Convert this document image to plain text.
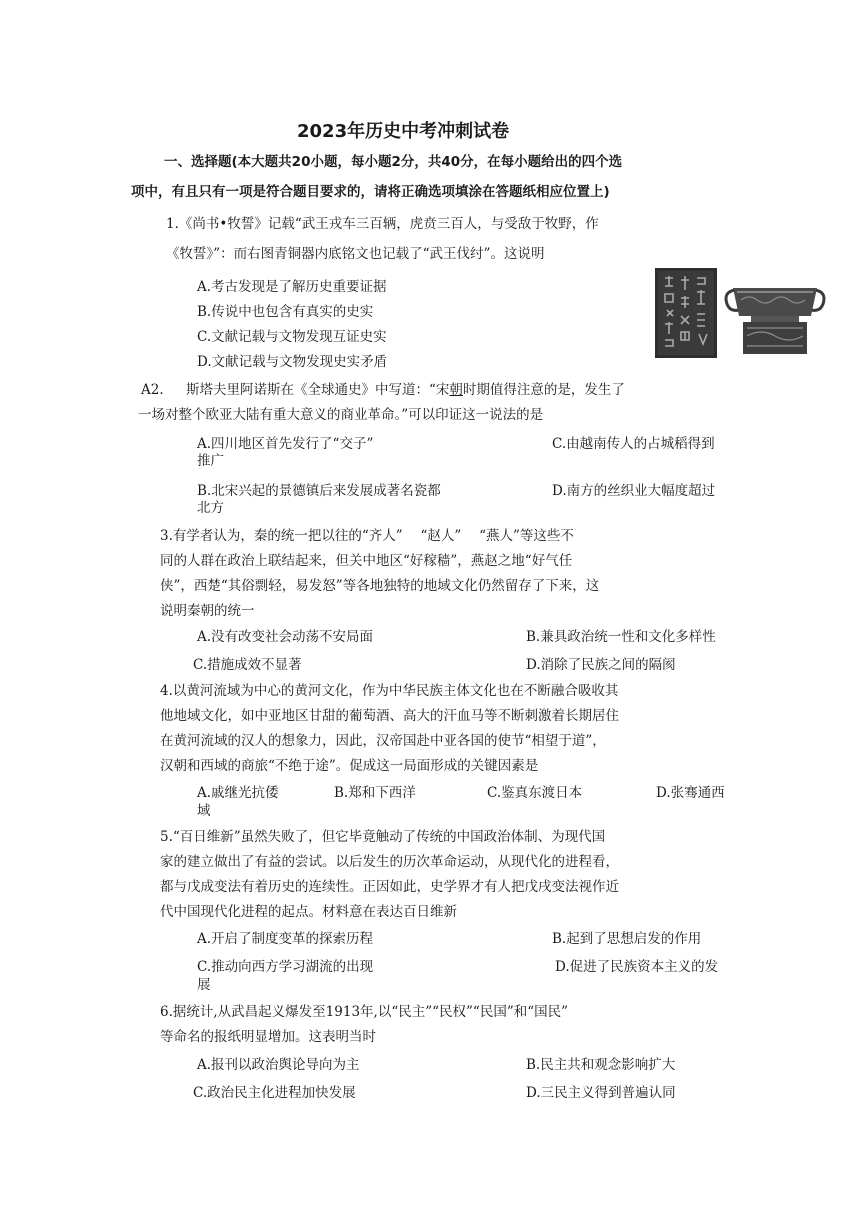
2023年历史中考冲刺试卷
一、选择题(本大题共20小题，每小题2分，共40分，在每小题给出的四个选
项中，有且只有一项是符合题目要求的，请将正确选项填涂在答题纸相应位置上)
1.《尚书•牧誓》记载“武王戎车三百辆，虎贲三百人，与受敌于牧野，作
《牧誓》”：而右图青铜器内底铭文也记载了“武王伐纣”。这说明
A.考古发现是了解历史重要证据
B.传说中也包含有真实的史实
C.文献记载与文物发现互证史实
D.文献记载与文物发现史实矛盾
A2. 斯塔夫里阿诺斯在《全球通史》中写道：“宋朝时期值得注意的是，发生了
一场对整个欧亚大陆有重大意义的商业革命。”可以印证这一说法的是
A.四川地区首先发行了“交子”	C.由越南传人的占城稻得到
推广
B.北宋兴起的景德镇后来发展成著名瓷都	D.南方的丝织业大幅度超过
北方
3.有学者认为，秦的统一把以往的“齐人”　 “赵人”　 “燕人”等这些不
同的人群在政治上联结起来，但关中地区“好稼穑”，燕赵之地“好气任
侠”，西楚“其俗剽轻，易发怒”等各地独特的地域文化仍然留存了下来，这
说明秦朝的统一
A.没有改变社会动荡不安局面	B.兼具政治统一性和文化多样性
C.措施成效不显著	D.消除了民族之间的隔阂
4.以黄河流域为中心的黄河文化，作为中华民族主体文化也在不断融合吸收其
他地域文化，如中亚地区甘甜的葡萄酒、高大的汗血马等不断刺激着长期居住
在黄河流域的汉人的想象力，因此，汉帝国赴中亚各国的使节“相望于道”，
汉朝和西域的商旅“不绝于途”。促成这一局面形成的关键因素是
A.戚继光抗倭	B.郑和下西洋	C.鉴真东渡日本	D.张骞通西
域
5.“百日维新”虽然失败了，但它毕竟触动了传统的中国政治体制、为现代国
家的建立做出了有益的尝试。以后发生的历次革命运动，从现代化的进程看，
都与戊成变法有着历史的连续性。正因如此，史学界才有人把戊戌变法视作近
代中国现代化进程的起点。材料意在表达百日维新
A.开启了制度变革的探索历程	B.起到了思想启发的作用
C.推动向西方学习湖流的出现	D.促进了民族资本主义的发
展
6.据统计,从武昌起义爆发至1913年,以“民主”“民权”“民国”和“国民”
等命名的报纸明显增加。这表明当时
A.报刊以政治舆论导向为主	B.民主共和观念影响扩大
C.政治民主化进程加快发展	D.三民主义得到普遍认同
